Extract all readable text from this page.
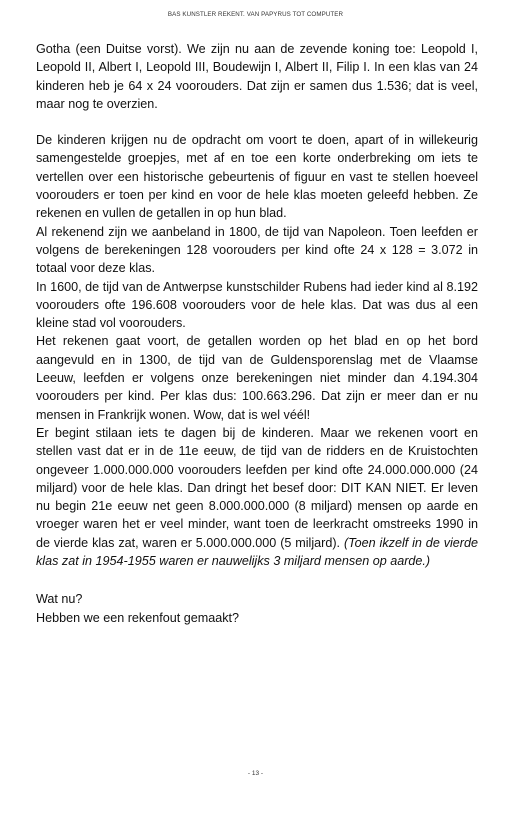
BAS KUNSTLER REKENT. VAN PAPYRUS TOT COMPUTER

Gotha (een Duitse vorst). We zijn nu aan de zevende koning toe: Leopold I, Leopold II, Albert I, Leopold III, Boudewijn I, Albert II, Filip I. In een klas van 24 kinderen heb je 64 x 24 voorouders. Dat zijn er samen dus 1.536; dat is veel, maar nog te overzien.

De kinderen krijgen nu de opdracht om voort te doen, apart of in willekeurig samengestelde groepjes, met af en toe een korte onderbreking om iets te vertellen over een historische gebeurtenis of figuur en vast te stellen hoeveel voorouders er toen per kind en voor de hele klas moeten geleefd hebben. Ze rekenen en vullen de getallen in op hun blad.

Al rekenend zijn we aanbeland in 1800, de tijd van Napoleon. Toen leefden er volgens de berekeningen 128 voorouders per kind ofte 24 x 128 = 3.072 in totaal voor deze klas.

In 1600, de tijd van de Antwerpse kunstschilder Rubens had ieder kind al 8.192 voorouders ofte 196.608 voorouders voor de hele klas. Dat was dus al een kleine stad vol voorouders.

Het rekenen gaat voort, de getallen worden op het blad en op het bord aangevuld en in 1300, de tijd van de Guldensporenslag met de Vlaamse Leeuw, leefden er volgens onze berekeningen niet minder dan 4.194.304 voorouders per kind. Per klas dus: 100.663.296. Dat zijn er meer dan er nu mensen in Frankrijk wonen. Wow, dat is wel véél!

Er begint stilaan iets te dagen bij de kinderen. Maar we rekenen voort en stellen vast dat er in de 11e eeuw, de tijd van de ridders en de Kruistochten ongeveer 1.000.000.000 voorouders leefden per kind ofte 24.000.000.000 (24 miljard) voor de hele klas. Dan dringt het besef door: DIT KAN NIET. Er leven nu begin 21e eeuw net geen 8.000.000.000 (8 miljard) mensen op aarde en vroeger waren het er veel minder, want toen de leerkracht omstreeks 1990 in de vierde klas zat, waren er 5.000.000.000 (5 miljard). (Toen ikzelf in de vierde klas zat in 1954-1955 waren er nauwelijks 3 miljard mensen op aarde.)

Wat nu?

Hebben we een rekenfout gemaakt?

- 13 -
